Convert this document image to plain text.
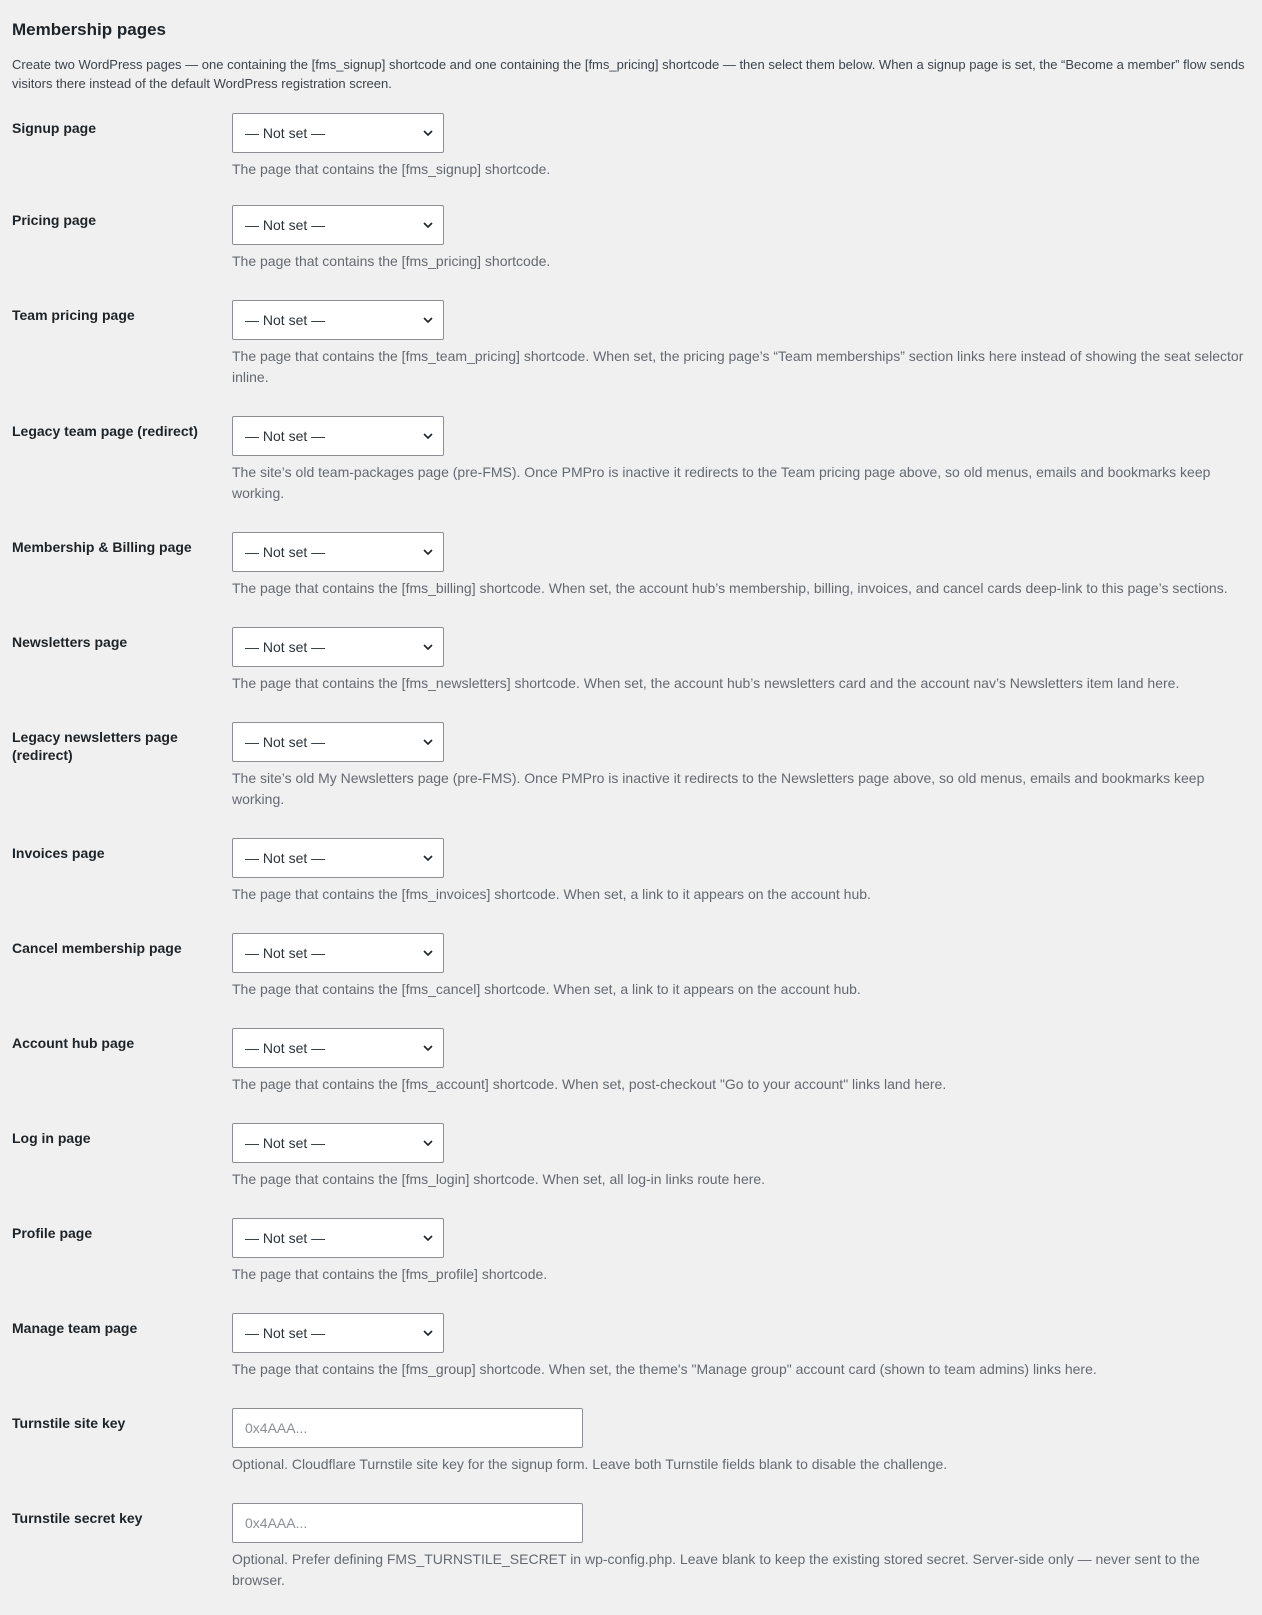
Membership pages

Create two WordPress pages — one containing the [fms_signup] shortcode and one containing the [fms_pricing] shortcode — then select them below. When a signup page is set, the “Become a member” flow sends visitors there instead of the default WordPress registration screen.

Signup page	— Not set —

The page that contains the [fms_signup] shortcode.

Pricing page	— Not set —

The page that contains the [fms_pricing] shortcode.

Team pricing page	— Not set —

The page that contains the [fms_team_pricing] shortcode. When set, the pricing page’s “Team memberships” section links here instead of showing the seat selector inline.

Legacy team page (redirect)	— Not set —

The site’s old team-packages page (pre-FMS). Once PMPro is inactive it redirects to the Team pricing page above, so old menus, emails and bookmarks keep working.

Membership & Billing page	— Not set —

The page that contains the [fms_billing] shortcode. When set, the account hub’s membership, billing, invoices, and cancel cards deep-link to this page’s sections.

Newsletters page	— Not set —

The page that contains the [fms_newsletters] shortcode. When set, the account hub’s newsletters card and the account nav’s Newsletters item land here.

Legacy newsletters page (redirect)
— Not set —

The site’s old My Newsletters page (pre-FMS). Once PMPro is inactive it redirects to the Newsletters page above, so old menus, emails and bookmarks keep working.

Invoices page	— Not set —

The page that contains the [fms_invoices] shortcode. When set, a link to it appears on the account hub.

Cancel membership page	— Not set —

The page that contains the [fms_cancel] shortcode. When set, a link to it appears on the account hub.

Account hub page	— Not set —

The page that contains the [fms_account] shortcode. When set, post-checkout "Go to your account" links land here.

Log in page	— Not set —

The page that contains the [fms_login] shortcode. When set, all log-in links route here.

Profile page	— Not set —

The page that contains the [fms_profile] shortcode.

Manage team page	— Not set —

The page that contains the [fms_group] shortcode. When set, the theme's "Manage group" account card (shown to team admins) links here.

Turnstile site key
0x4AAA...

Optional. Cloudflare Turnstile site key for the signup form. Leave both Turnstile fields blank to disable the challenge.

Turnstile secret key
0x4AAA...

Optional. Prefer defining FMS_TURNSTILE_SECRET in wp-config.php. Leave blank to keep the existing stored secret. Server-side only — never sent to the browser.
